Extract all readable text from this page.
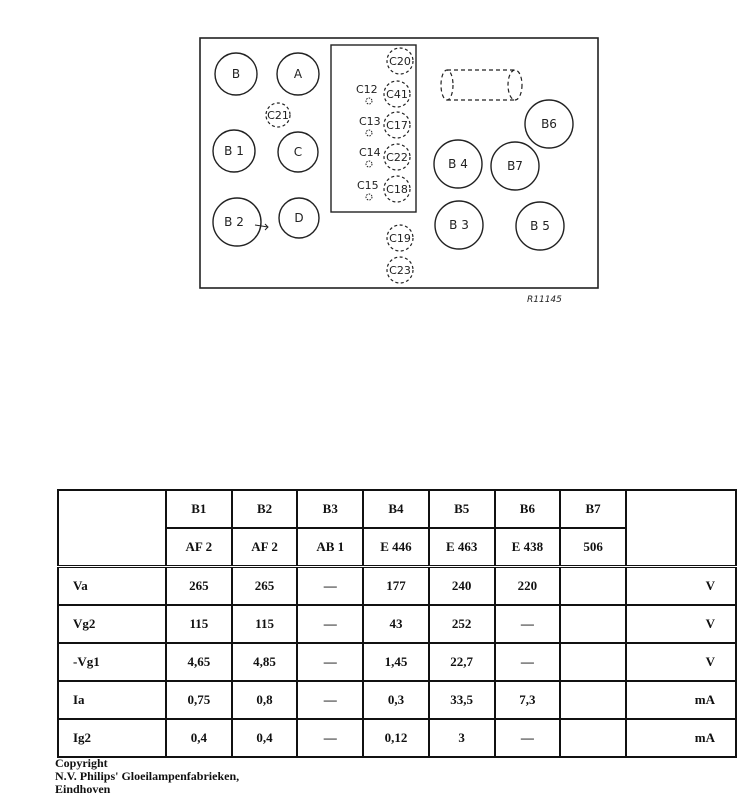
B	A
B 1	C
B 2	D
B 4	B7
B6
B 3	B 5
C20
C41
C17
C22
C18
C19
C23
C21
C12
C13
C14
C15
R11145
	B1	B2	B3	B4	B5	B6	B7	
	AF 2	AF 2	AB 1	E 446	E 463	E 438	506	
Va	265	265	—	177	240	220		V
Vg2	115	115	—	43	252	—		V
-Vg1	4,65	4,85	—	1,45	22,7	—		V
Ia	0,75	0,8	—	0,3	33,5	7,3		mA
Ig2	0,4	0,4	—	0,12	3	—		mA
Copyright
N.V. Philips' Gloeilampenfabrieken,
Eindhoven
